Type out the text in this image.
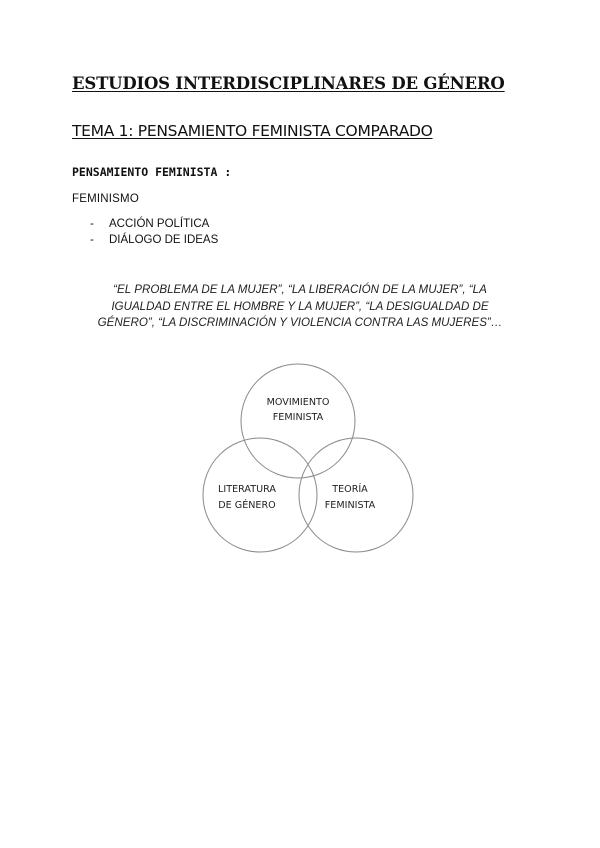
ESTUDIOS INTERDISCIPLINARES DE GÉNERO
TEMA 1: PENSAMIENTO FEMINISTA COMPARADO
PENSAMIENTO FEMINISTA :
FEMINISMO
- ACCIÓN POLÍTICA
- DIÁLOGO DE IDEAS

“EL PROBLEMA DE LA MUJER”, “LA LIBERACIÓN DE LA MUJER”, “LA
IGUALDAD ENTRE EL HOMBRE Y LA MUJER”, “LA DESIGUALDAD DE
GÉNERO”, “LA DISCRIMINACIÓN Y VIOLENCIA CONTRA LAS MUJERES”…

MOVIMIENTO
FEMINISTA
LITERATURA
DE GÉNERO
TEORÍA
FEMINISTA
